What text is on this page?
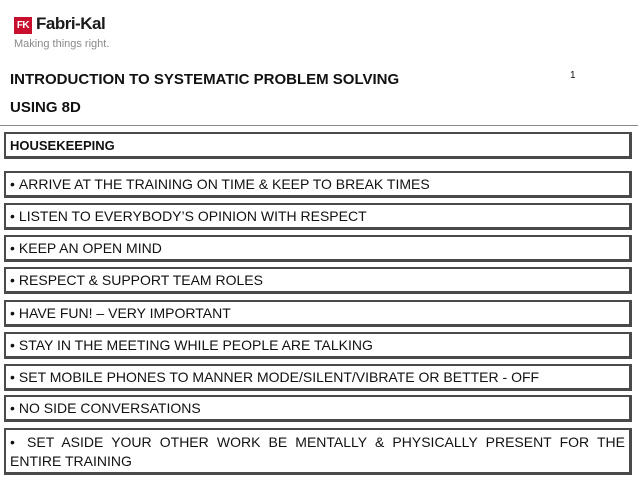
FK Fabri-Kal
Making things right.
INTRODUCTION TO SYSTEMATIC PROBLEM SOLVING
USING 8D
1
HOUSEKEEPING
• ARRIVE AT THE TRAINING ON TIME & KEEP TO BREAK TIMES
• LISTEN TO EVERYBODY’S OPINION WITH RESPECT
• KEEP AN OPEN MIND
• RESPECT & SUPPORT TEAM ROLES
• HAVE FUN! – VERY IMPORTANT
• STAY IN THE MEETING WHILE PEOPLE ARE TALKING
• SET MOBILE PHONES TO MANNER MODE/SILENT/VIBRATE OR BETTER - OFF
• NO SIDE CONVERSATIONS
• SET ASIDE YOUR OTHER WORK BE MENTALLY & PHYSICALLY PRESENT FOR THE ENTIRE TRAINING
